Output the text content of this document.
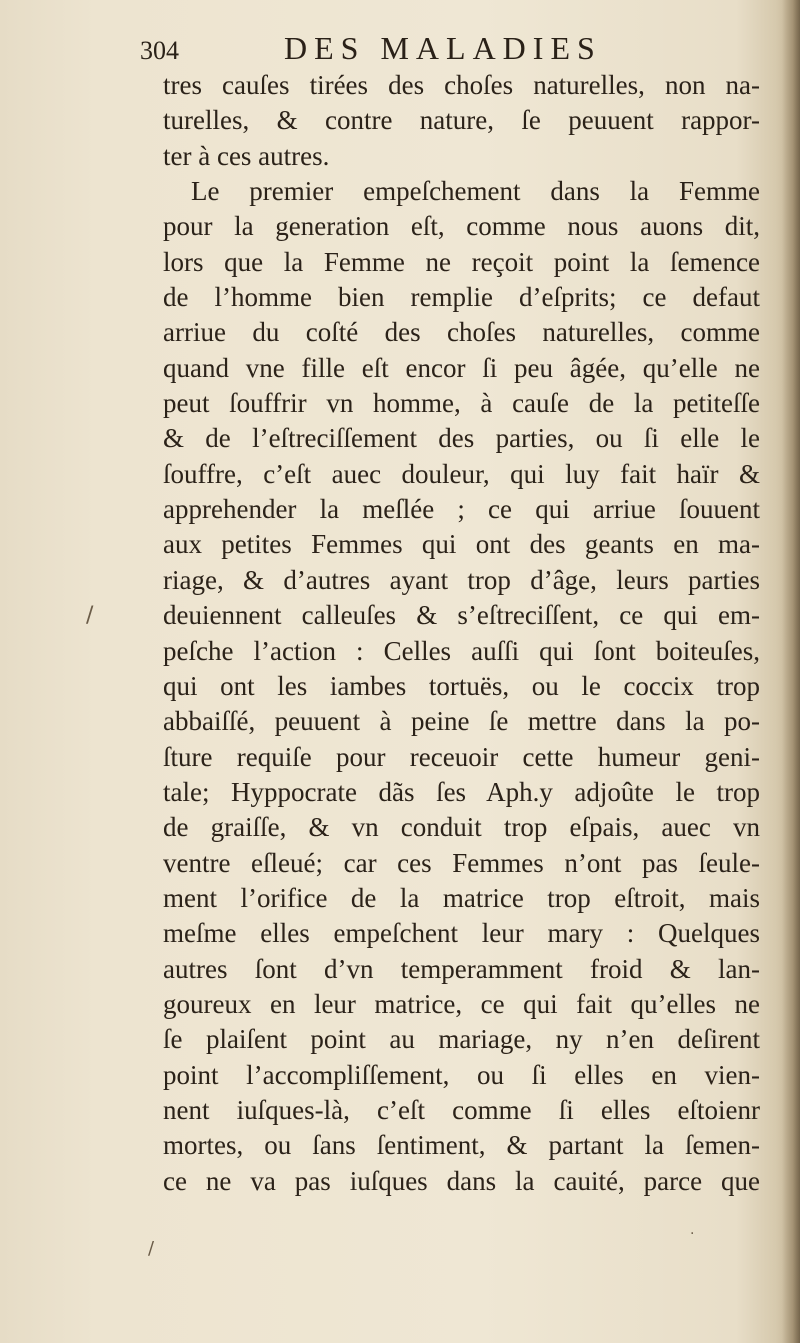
304	DES MALADIES
tres cauſes tirées des choſes naturelles, non na-
turelles, & contre nature, ſe peuuent rappor-
ter à ces autres.
Le premier empeſchement dans la Femme
pour la generation eſt, comme nous auons dit,
lors que la Femme ne reçoit point la ſemence
de l’homme bien remplie d’eſprits; ce defaut
arriue du coſté des choſes naturelles, comme
quand vne fille eſt encor ſi peu âgée, qu’elle ne
peut ſouffrir vn homme, à cauſe de la petiteſſe
& de l’eſtreciſſement des parties, ou ſi elle le
ſouffre, c’eſt auec douleur, qui luy fait haïr &
apprehender la meſlée ; ce qui arriue ſouuent
aux petites Femmes qui ont des geants en ma-
riage, & d’autres ayant trop d’âge, leurs parties
deuiennent calleuſes & s’eſtreciſſent, ce qui em-
peſche l’action : Celles auſſi qui ſont boiteuſes,
qui ont les iambes tortuës, ou le coccix trop
abbaiſſé, peuuent à peine ſe mettre dans la po-
ſture requiſe pour receuoir cette humeur geni-
tale; Hyppocrate dãs ſes Aph.y adjoûte le trop
de graiſſe, & vn conduit trop eſpais, auec vn
ventre eſleué; car ces Femmes n’ont pas ſeule-
ment l’orifice de la matrice trop eſtroit, mais
meſme elles empeſchent leur mary : Quelques
autres ſont d’vn temperamment froid & lan-
goureux en leur matrice, ce qui fait qu’elles ne
ſe plaiſent point au mariage, ny n’en deſirent
point l’accompliſſement, ou ſi elles en vien-
nent iuſques-là, c’eſt comme ſi elles eſtoienr
mortes, ou ſans ſentiment, & partant la ſemen-
ce ne va pas iuſques dans la cauité, parce que
/
/
·
